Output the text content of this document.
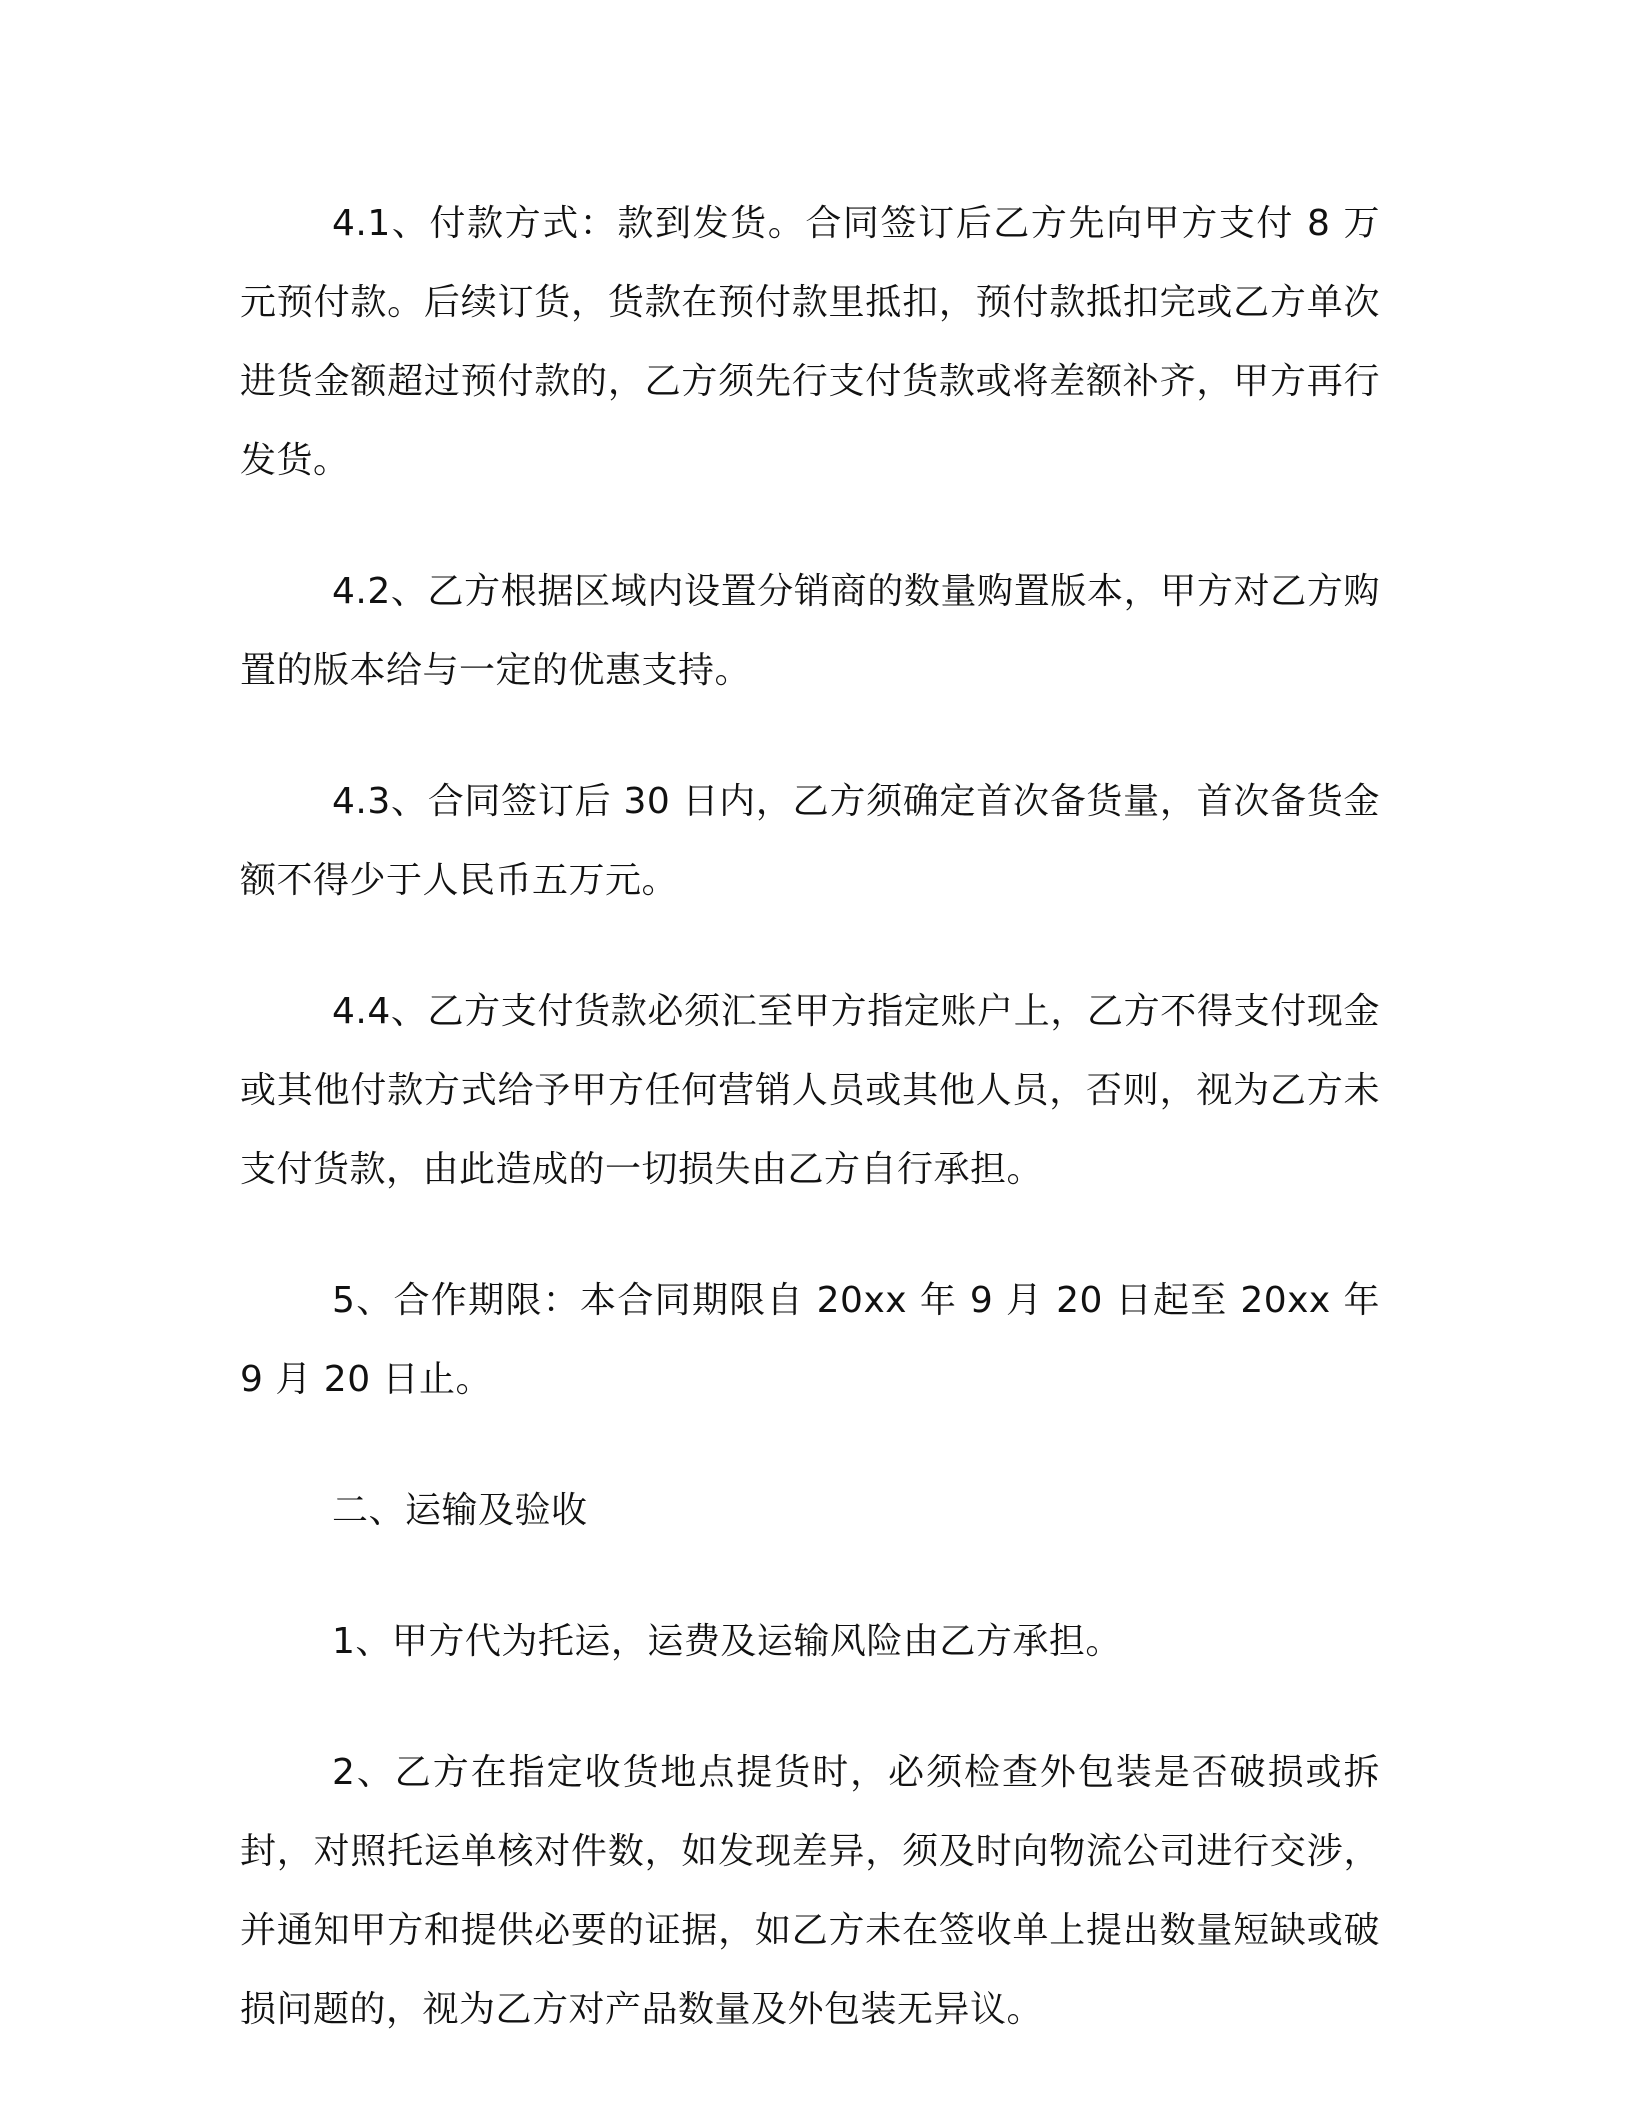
4.1、付款方式：款到发货。合同签订后乙方先向甲方支付 8 万元预付款。后续订货，货款在预付款里抵扣，预付款抵扣完或乙方单次进货金额超过预付款的，乙方须先行支付货款或将差额补齐，甲方再行发货。

4.2、乙方根据区域内设置分销商的数量购置版本，甲方对乙方购置的版本给与一定的优惠支持。

4.3、合同签订后 30 日内，乙方须确定首次备货量，首次备货金额不得少于人民币五万元。

4.4、乙方支付货款必须汇至甲方指定账户上，乙方不得支付现金或其他付款方式给予甲方任何营销人员或其他人员，否则，视为乙方未支付货款，由此造成的一切损失由乙方自行承担。

5、合作期限：本合同期限自 20xx 年 9 月 20 日起至 20xx 年 9 月 20 日止。

二、运输及验收

1、甲方代为托运，运费及运输风险由乙方承担。

2、乙方在指定收货地点提货时，必须检查外包装是否破损或拆封，对照托运单核对件数，如发现差异，须及时向物流公司进行交涉，并通知甲方和提供必要的证据，如乙方未在签收单上提出数量短缺或破损问题的，视为乙方对产品数量及外包装无异议。
